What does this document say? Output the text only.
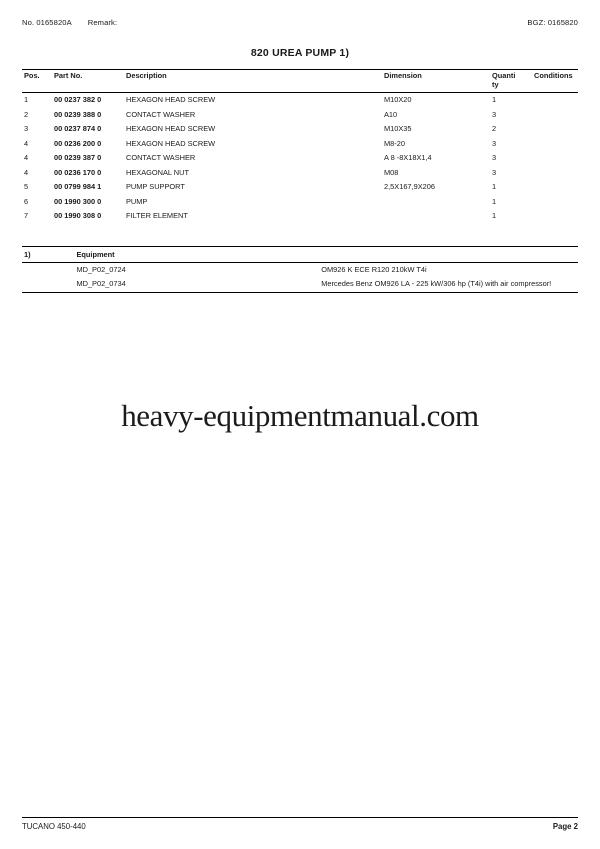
No. 0165820A Remark:	BGZ: 0165820
820 UREA PUMP 1)
Pos.	Part No.	Description	Dimension	Quanti
ty	Conditions
1	00 0237 382 0	HEXAGON HEAD SCREW	M10X20	1	
2	00 0239 388 0	CONTACT WASHER	A10	3	
3	00 0237 874 0	HEXAGON HEAD SCREW	M10X35	2	
4	00 0236 200 0	HEXAGON HEAD SCREW	M8-20	3	
4	00 0239 387 0	CONTACT WASHER	A 8 -8X18X1,4	3	
4	00 0236 170 0	HEXAGONAL NUT	M08	3	
5	00 0799 984 1	PUMP SUPPORT	2,5X167,9X206	1	
6	00 1990 300 0	PUMP		1	
7	00 1990 308 0	FILTER ELEMENT		1	
1)	Equipment	
	MD_P02_0724	OM926 K ECE R120 210kW T4i
	MD_P02_0734	Mercedes Benz OM926 LA - 225 kW/306 hp (T4i) with air compressor!
heavy-equipmentmanual.com
TUCANO 450-440	Page 2
